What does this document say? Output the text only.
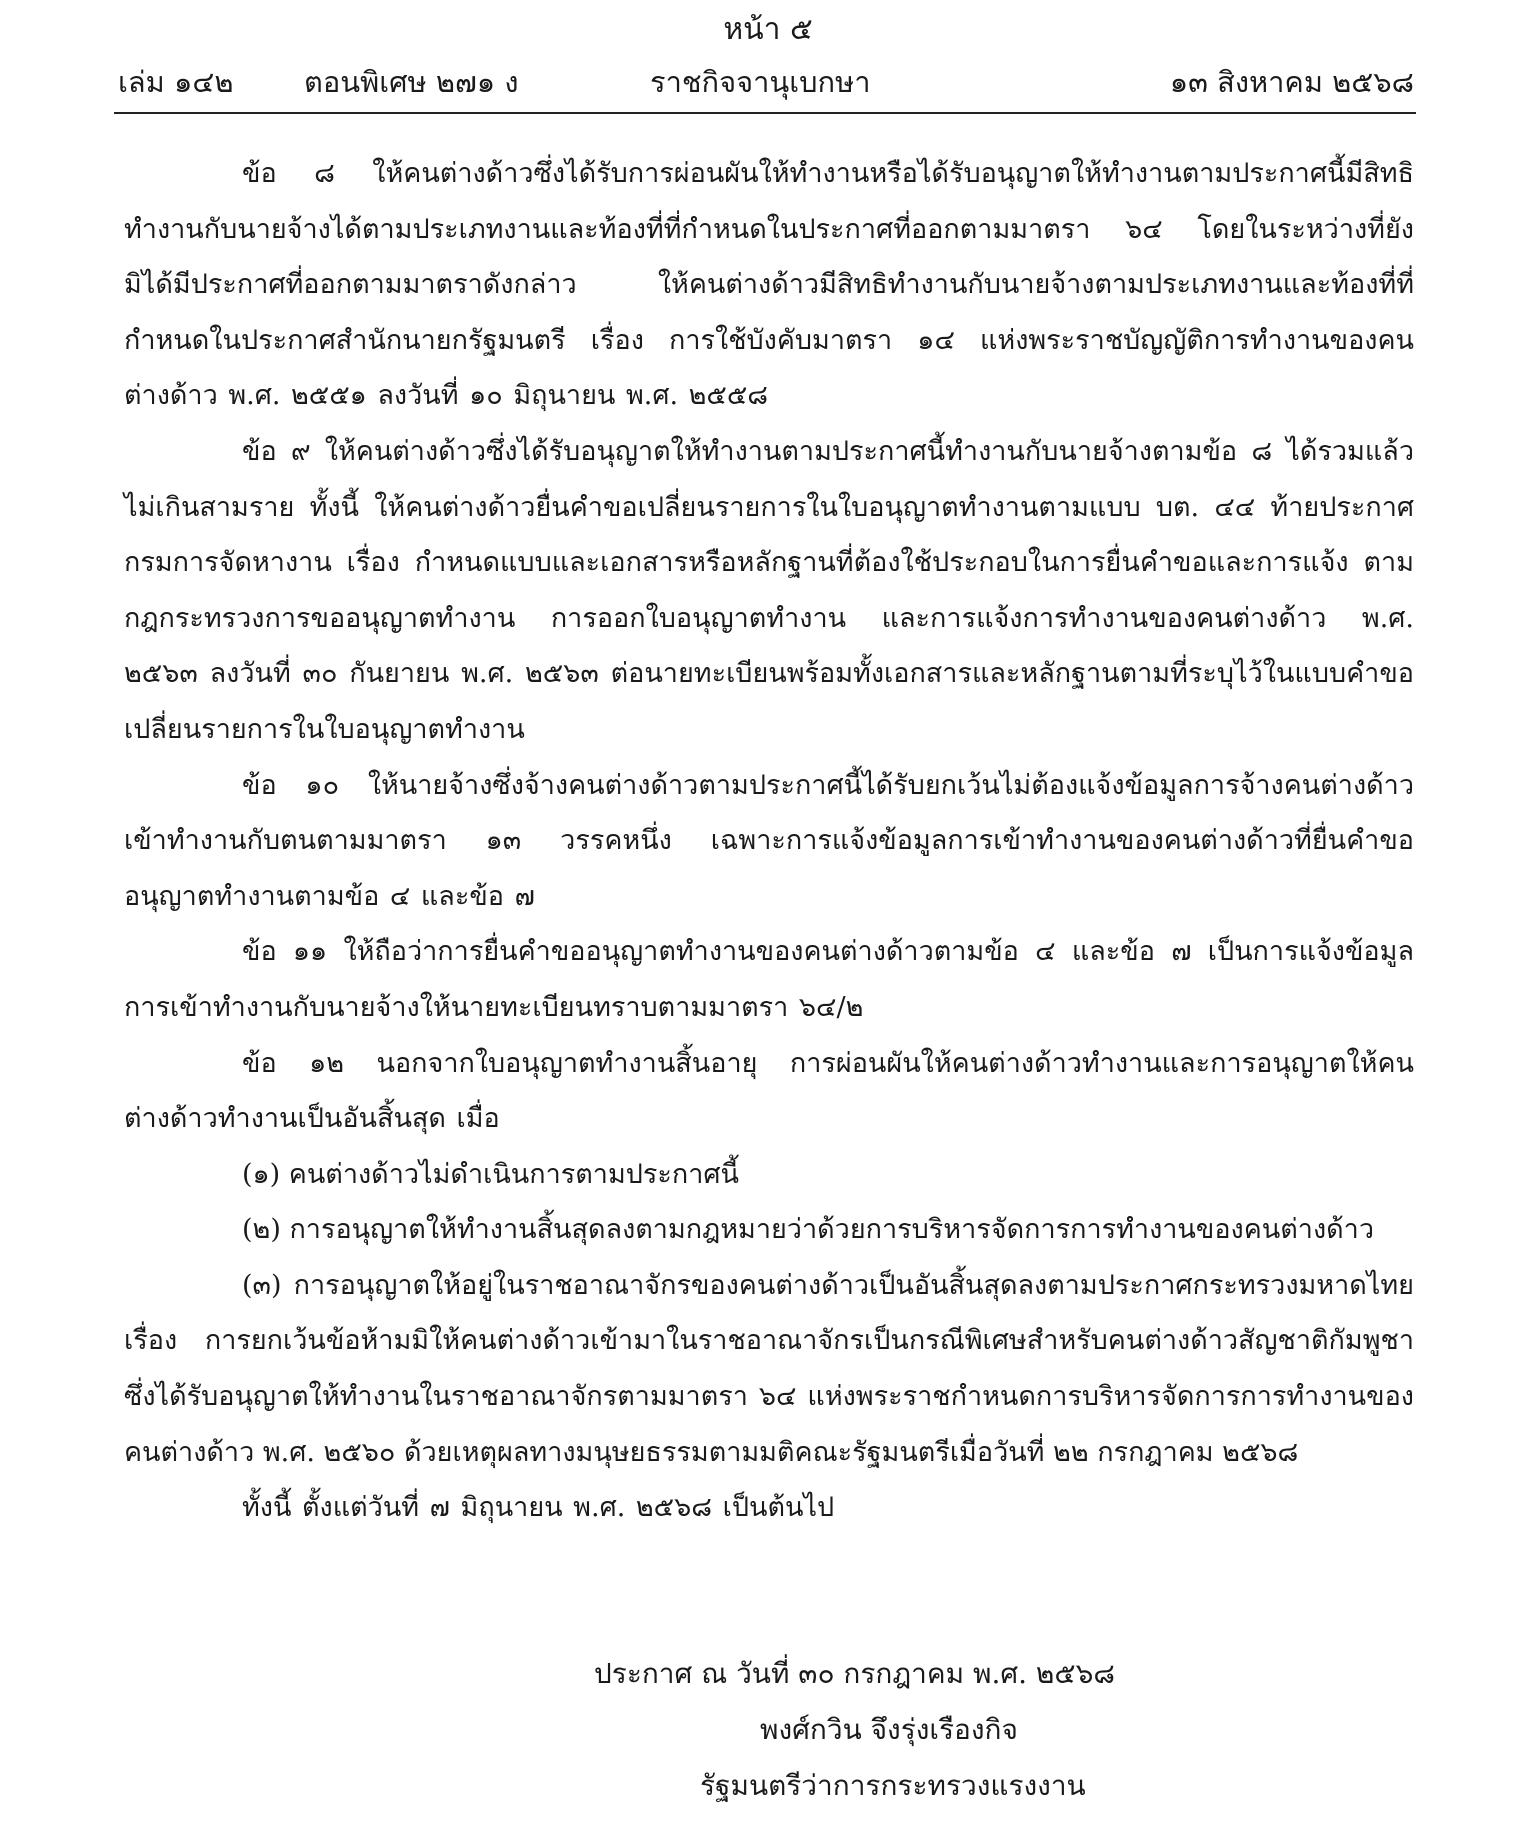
หน้า ๕
เล่ม ๑๔๒ ตอนพิเศษ ๒๗๑ ง	ราชกิจจานุเบกษา	๑๓ สิงหาคม ๒๕๖๘

ข้อ ๘ ให้คนต่างด้าวซึ่งได้รับการผ่อนผันให้ทำงานหรือได้รับอนุญาตให้ทำงานตามประกาศนี้มีสิทธิทำงานกับนายจ้างได้ตามประเภทงานและท้องที่ที่กำหนดในประกาศที่ออกตามมาตรา ๖๔ โดยในระหว่างที่ยังมิได้มีประกาศที่ออกตามมาตราดังกล่าว ให้คนต่างด้าวมีสิทธิทำงานกับนายจ้างตามประเภทงานและท้องที่ที่กำหนดในประกาศสำนักนายกรัฐมนตรี เรื่อง การใช้บังคับมาตรา ๑๔ แห่งพระราชบัญญัติการทำงานของคนต่างด้าว พ.ศ. ๒๕๕๑ ลงวันที่ ๑๐ มิถุนายน พ.ศ. ๒๕๕๘

ข้อ ๙ ให้คนต่างด้าวซึ่งได้รับอนุญาตให้ทำงานตามประกาศนี้ทำงานกับนายจ้างตามข้อ ๘ ได้รวมแล้วไม่เกินสามราย ทั้งนี้ ให้คนต่างด้าวยื่นคำขอเปลี่ยนรายการในใบอนุญาตทำงานตามแบบ บต. ๔๔ ท้ายประกาศกรมการจัดหางาน เรื่อง กำหนดแบบและเอกสารหรือหลักฐานที่ต้องใช้ประกอบในการยื่นคำขอและการแจ้ง ตามกฎกระทรวงการขออนุญาตทำงาน การออกใบอนุญาตทำงาน และการแจ้งการทำงานของคนต่างด้าว พ.ศ. ๒๕๖๓ ลงวันที่ ๓๐ กันยายน พ.ศ. ๒๕๖๓ ต่อนายทะเบียนพร้อมทั้งเอกสารและหลักฐานตามที่ระบุไว้ในแบบคำขอเปลี่ยนรายการในใบอนุญาตทำงาน

ข้อ ๑๐ ให้นายจ้างซึ่งจ้างคนต่างด้าวตามประกาศนี้ได้รับยกเว้นไม่ต้องแจ้งข้อมูลการจ้างคนต่างด้าวเข้าทำงานกับตนตามมาตรา ๑๓ วรรคหนึ่ง เฉพาะการแจ้งข้อมูลการเข้าทำงานของคนต่างด้าวที่ยื่นคำขออนุญาตทำงานตามข้อ ๔ และข้อ ๗

ข้อ ๑๑ ให้ถือว่าการยื่นคำขออนุญาตทำงานของคนต่างด้าวตามข้อ ๔ และข้อ ๗ เป็นการแจ้งข้อมูลการเข้าทำงานกับนายจ้างให้นายทะเบียนทราบตามมาตรา ๖๔/๒

ข้อ ๑๒ นอกจากใบอนุญาตทำงานสิ้นอายุ การผ่อนผันให้คนต่างด้าวทำงานและการอนุญาตให้คนต่างด้าวทำงานเป็นอันสิ้นสุด เมื่อ

(๑) คนต่างด้าวไม่ดำเนินการตามประกาศนี้

(๒) การอนุญาตให้ทำงานสิ้นสุดลงตามกฎหมายว่าด้วยการบริหารจัดการการทำงานของคนต่างด้าว

(๓) การอนุญาตให้อยู่ในราชอาณาจักรของคนต่างด้าวเป็นอันสิ้นสุดลงตามประกาศกระทรวงมหาดไทย เรื่อง การยกเว้นข้อห้ามมิให้คนต่างด้าวเข้ามาในราชอาณาจักรเป็นกรณีพิเศษสำหรับคนต่างด้าวสัญชาติกัมพูชาซึ่งได้รับอนุญาตให้ทำงานในราชอาณาจักรตามมาตรา ๖๔ แห่งพระราชกำหนดการบริหารจัดการการทำงานของคนต่างด้าว พ.ศ. ๒๕๖๐ ด้วยเหตุผลทางมนุษยธรรมตามมติคณะรัฐมนตรีเมื่อวันที่ ๒๒ กรกฎาคม ๒๕๖๘

ทั้งนี้ ตั้งแต่วันที่ ๗ มิถุนายน พ.ศ. ๒๕๖๘ เป็นต้นไป

ประกาศ ณ วันที่ ๓๐ กรกฎาคม พ.ศ. ๒๕๖๘
พงศ์กวิน จึงรุ่งเรืองกิจ
รัฐมนตรีว่าการกระทรวงแรงงาน
